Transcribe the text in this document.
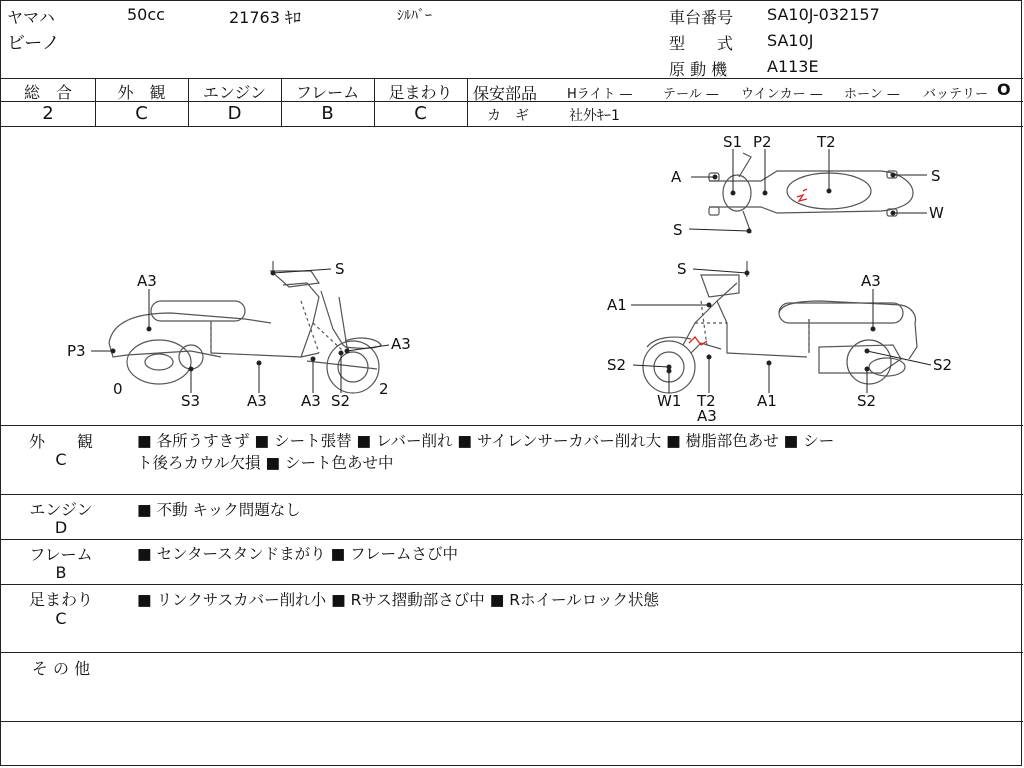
ヤマハ	50cc	21763 ｷﾛ	ｼﾙﾊﾞｰ
ビーノ
車台番号 SA10J-032157
型　　式 SA10J
原 動 機 A113E
総　合	外　観	エンジン	フレーム	足まわり
2	C	D	B	C
保安部品 Hライト — テール — ウインカー — ホーン — バッテリー O
カ　ギ	社外ｷｰ1
S
A3
P3	A3
0
S3	A3 A3 S2
2
S
A3
A1
S2
W1 T2
A3
A1
S2
S2
S1 P2	T2
A	S
W
S
外　　観
C
■ 各所うすきず ■ シート張替 ■ レバー削れ ■ サイレンサーカバー削れ大 ■ 樹脂部色あせ ■ シー
ト後ろカウル欠損 ■ シート色あせ中
エンジン
D
■ 不動 キック問題なし
フレーム
B
■ センタースタンドまがり ■ フレームさび中
足まわり
C
■ リンクサスカバー削れ小 ■ Rサス摺動部さび中 ■ Rホイールロック状態
そ の 他
